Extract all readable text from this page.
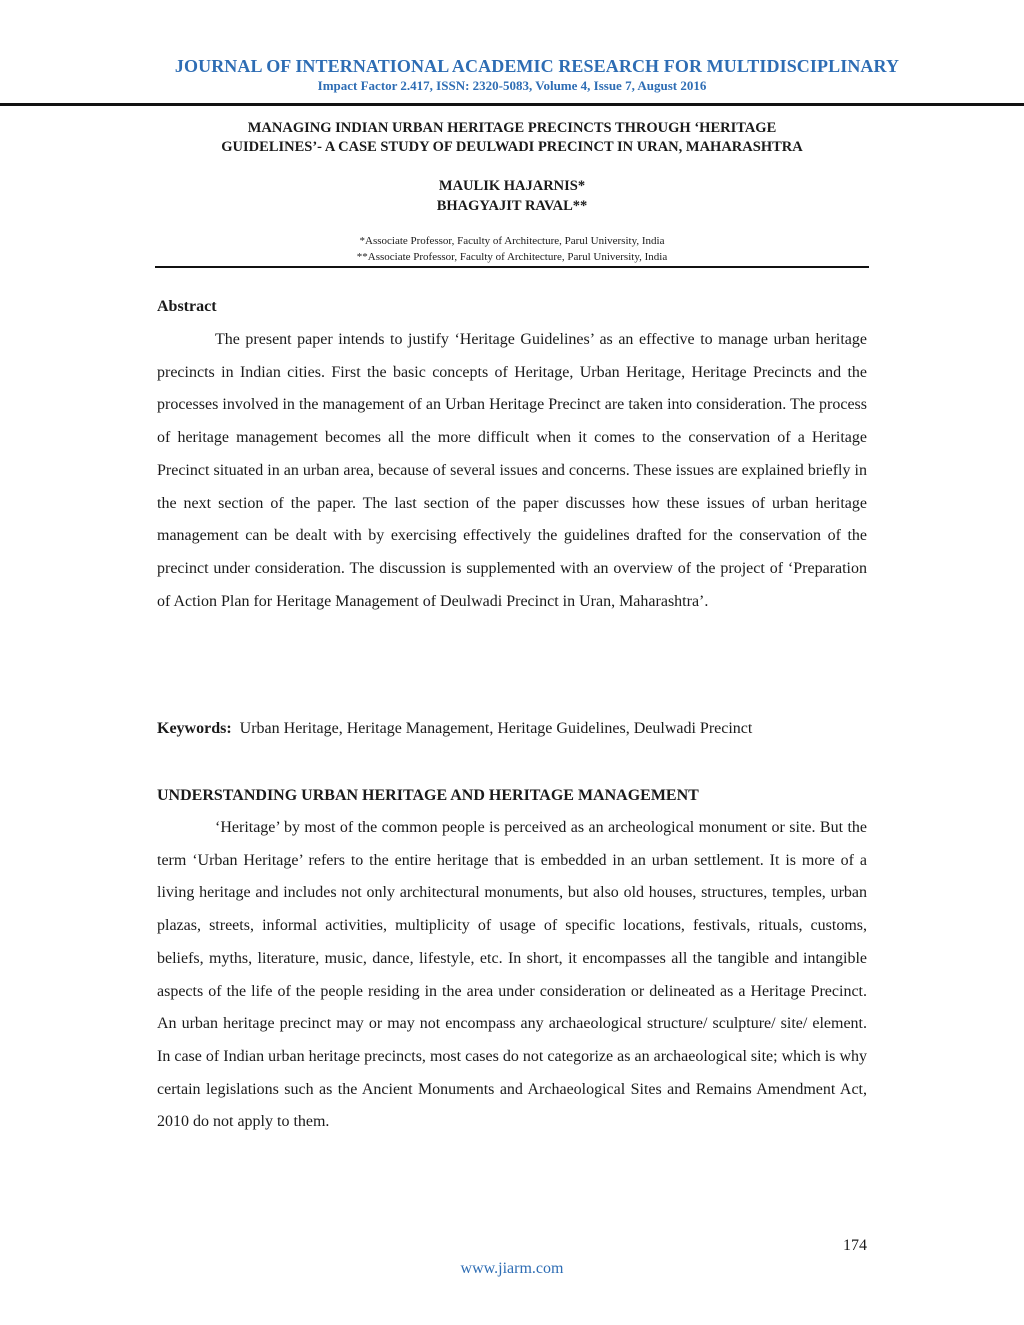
JOURNAL OF INTERNATIONAL ACADEMIC RESEARCH FOR MULTIDISCIPLINARY
Impact Factor 2.417, ISSN: 2320-5083, Volume 4, Issue 7, August 2016
MANAGING INDIAN URBAN HERITAGE PRECINCTS THROUGH ‘HERITAGE
GUIDELINES’- A CASE STUDY OF DEULWADI PRECINCT IN URAN, MAHARASHTRA
MAULIK HAJARNIS*
BHAGYAJIT RAVAL**
*Associate Professor, Faculty of Architecture, Parul University, India
**Associate Professor, Faculty of Architecture, Parul University, India
Abstract

The present paper intends to justify ‘Heritage Guidelines’ as an effective to manage urban heritage precincts in Indian cities. First the basic concepts of Heritage, Urban Heritage, Heritage Precincts and the processes involved in the management of an Urban Heritage Precinct are taken into consideration. The process of heritage management becomes all the more difficult when it comes to the conservation of a Heritage Precinct situated in an urban area, because of several issues and concerns. These issues are explained briefly in the next section of the paper. The last section of the paper discusses how these issues of urban heritage management can be dealt with by exercising effectively the guidelines drafted for the conservation of the precinct under consideration. The discussion is supplemented with an overview of the project of ‘Preparation of Action Plan for Heritage Management of Deulwadi Precinct in Uran, Maharashtra’.

Keywords: Urban Heritage, Heritage Management, Heritage Guidelines, Deulwadi Precinct
UNDERSTANDING URBAN HERITAGE AND HERITAGE MANAGEMENT

‘Heritage’ by most of the common people is perceived as an archeological monument or site. But the term ‘Urban Heritage’ refers to the entire heritage that is embedded in an urban settlement. It is more of a living heritage and includes not only architectural monuments, but also old houses, structures, temples, urban plazas, streets, informal activities, multiplicity of usage of specific locations, festivals, rituals, customs, beliefs, myths, literature, music, dance, lifestyle, etc. In short, it encompasses all the tangible and intangible aspects of the life of the people residing in the area under consideration or delineated as a Heritage Precinct. An urban heritage precinct may or may not encompass any archaeological structure/ sculpture/ site/ element. In case of Indian urban heritage precincts, most cases do not categorize as an archaeological site; which is why certain legislations such as the Ancient Monuments and Archaeological Sites and Remains Amendment Act, 2010 do not apply to them.

174
www.jiarm.com
